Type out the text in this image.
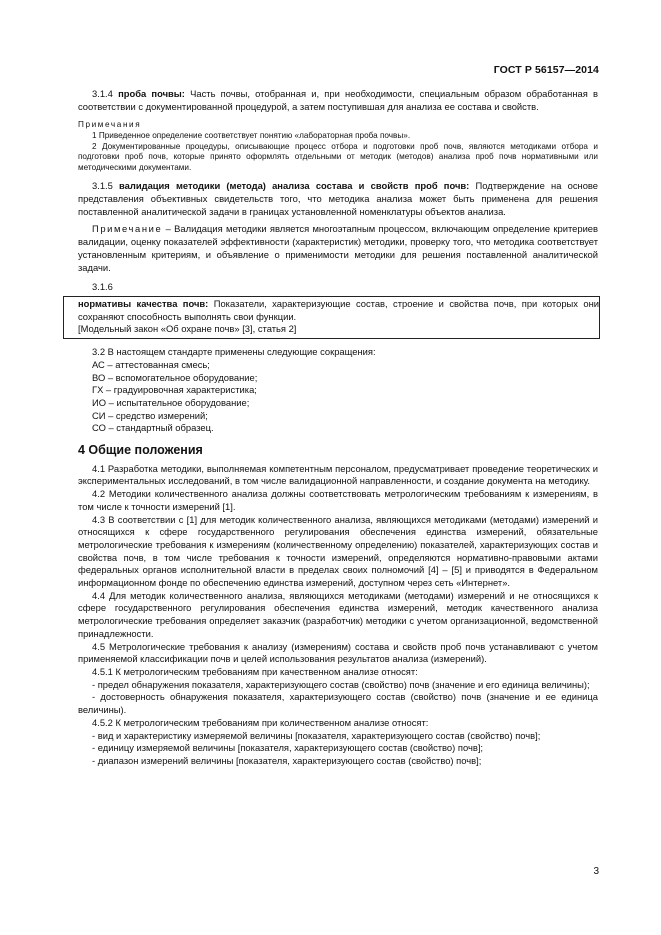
ГОСТ Р 56157—2014

3.1.4 проба почвы: Часть почвы, отобранная и, при необходимости, специальным образом обработанная в соответствии с документированной процедурой, а затем поступившая для анализа ее состава и свойств.

Примечания

1 Приведенное определение соответствует понятию «лабораторная проба почвы».

2 Документированные процедуры, описывающие процесс отбора и подготовки проб почв, являются методиками отбора и подготовки проб почв, которые принято оформлять отдельными от методик (методов) анализа проб почв нормативными или методическими документами.

3.1.5 валидация методики (метода) анализа состава и свойств проб почв: Подтверждение на основе представления объективных свидетельств того, что методика анализа может быть применена для решения поставленной аналитической задачи в границах установленной номенклатуры объектов анализа.

Примечание – Валидация методики является многоэтапным процессом, включающим определение критериев валидации, оценку показателей эффективности (характеристик) методики, проверку того, что методика соответствует установленным критериям, и объявление о применимости методики для решения поставленной аналитической задачи.

3.1.6

нормативы качества почв: Показатели, характеризующие состав, строение и свойства почв, при которых они сохраняют способность выполнять свои функции.

[Модельный закон «Об охране почв» [3], статья 2]

3.2 В настоящем стандарте применены следующие сокращения:

АС – аттестованная смесь;

ВО – вспомогательное оборудование;

ГХ – градуировочная характеристика;

ИО – испытательное оборудование;

СИ – средство измерений;

СО – стандартный образец.

4 Общие положения

4.1 Разработка методики, выполняемая компетентным персоналом, предусматривает проведение теоретических и экспериментальных исследований, в том числе валидационной направленности, и создание документа на методику.

4.2 Методики количественного анализа должны соответствовать метрологическим требованиям к измерениям, в том числе к точности измерений [1].

4.3 В соответствии с [1] для методик количественного анализа, являющихся методиками (методами) измерений и относящихся к сфере государственного регулирования обеспечения единства измерений, обязательные метрологические требования к измерениям (количественному определению) показателей, характеризующих состав и свойства почв, в том числе требования к точности измерений, определяются нормативно-правовыми актами федеральных органов исполнительной власти в пределах своих полномочий [4] – [5] и приводятся в Федеральном информационном фонде по обеспечению единства измерений, доступном через сеть «Интернет».

4.4 Для методик количественного анализа, являющихся методиками (методами) измерений и не относящихся к сфере государственного регулирования обеспечения единства измерений, методик качественного анализа метрологические требования определяет заказчик (разработчик) методики с учетом организационной, ведомственной принадлежности.

4.5 Метрологические требования к анализу (измерениям) состава и свойств проб почв устанавливают с учетом применяемой классификации почв и целей использования результатов анализа (измерений).

4.5.1 К метрологическим требованиям при качественном анализе относят:

- предел обнаружения показателя, характеризующего состав (свойство) почв (значение и его единица величины);

- достоверность обнаружения показателя, характеризующего состав (свойство) почв (значение и ее единица величины).

4.5.2 К метрологическим требованиям при количественном анализе относят:

- вид и характеристику измеряемой величины [показателя, характеризующего состав (свойство) почв];

- единицу измеряемой величины [показателя, характеризующего состав (свойство) почв];

- диапазон измерений величины [показателя, характеризующего состав (свойство) почв];

3
